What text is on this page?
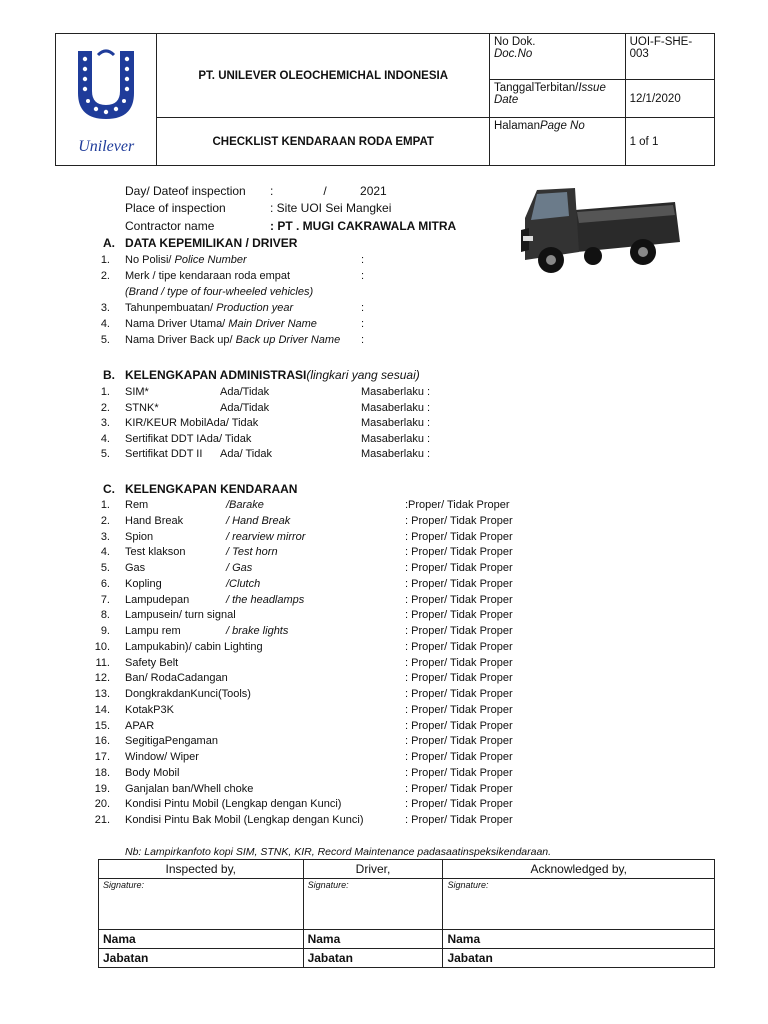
Unilever	PT. UNILEVER OLEOCHEMICHAL INDONESIA	No Dok.
Doc.No	UOI-F-SHE-003
		TanggalTerbitan/Issue Date	12/1/2020
	CHECKLIST KENDARAAN RODA EMPAT	HalamanPage No	1 of 1
Day/ Dateof inspection :               /          2021
Place of inspection	: Site UOI Sei Mangkei
Contractor name	: PT . MUGI CAKRAWALA MITRA
A. DATA KEPEMILIKAN / DRIVER
1. No Polisi/ Police Number	:
2. Merk / tipe kendaraan roda empat	:
(Brand / type of four-wheeled vehicles)
3. Tahunpembuatan/ Production year	:
4. Nama Driver Utama/ Main Driver Name	:
5. Nama Driver Back up/ Back up Driver Name :
B. KELENGKAPAN ADMINISTRASI(lingkari yang sesuai)
1. SIM*	Ada/Tidak	Masaberlaku :
2. STNK*	Ada/Tidak	Masaberlaku :
3. KIR/KEUR MobilAda/ Tidak	Masaberlaku :
4. Sertifikat DDT IAda/ Tidak	Masaberlaku :
5. Sertifikat DDT II Ada/ Tidak	Masaberlaku :
C. KELENGKAPAN KENDARAAN
1. Rem	/Barake	:Proper/ Tidak Proper
2. Hand Break	/ Hand Break	: Proper/ Tidak Proper
3. Spion	/ rearview mirror	: Proper/ Tidak Proper
4. Test klakson	/ Test horn	: Proper/ Tidak Proper
5. Gas	/ Gas	: Proper/ Tidak Proper
6. Kopling	/Clutch	: Proper/ Tidak Proper
7. Lampudepan	/ the headlamps	: Proper/ Tidak Proper
8. Lampusein/ turn signal	: Proper/ Tidak Proper
9. Lampu rem	/ brake lights	: Proper/ Tidak Proper
10. Lampukabin)/ cabin Lighting	: Proper/ Tidak Proper
11. Safety Belt	: Proper/ Tidak Proper
12. Ban/ RodaCadangan	: Proper/ Tidak Proper
13. DongkrakdanKunci(Tools)	: Proper/ Tidak Proper
14. KotakP3K	: Proper/ Tidak Proper
15. APAR	: Proper/ Tidak Proper
16. SegitigaPengaman	: Proper/ Tidak Proper
17. Window/ Wiper	: Proper/ Tidak Proper
18. Body Mobil	: Proper/ Tidak Proper
19. Ganjalan ban/Whell choke	: Proper/ Tidak Proper
20. Kondisi Pintu Mobil (Lengkap dengan Kunci)	: Proper/ Tidak Proper
21. Kondisi Pintu Bak Mobil (Lengkap dengan Kunci)	: Proper/ Tidak Proper
Nb: Lampirkanfoto kopi SIM, STNK, KIR, Record Maintenance padasaatinspeksikendaraan.
Inspected by,	Driver,	Acknowledged by,
Signature:	Signature:	Signature:
Nama	Nama	Nama
Jabatan	Jabatan	Jabatan
